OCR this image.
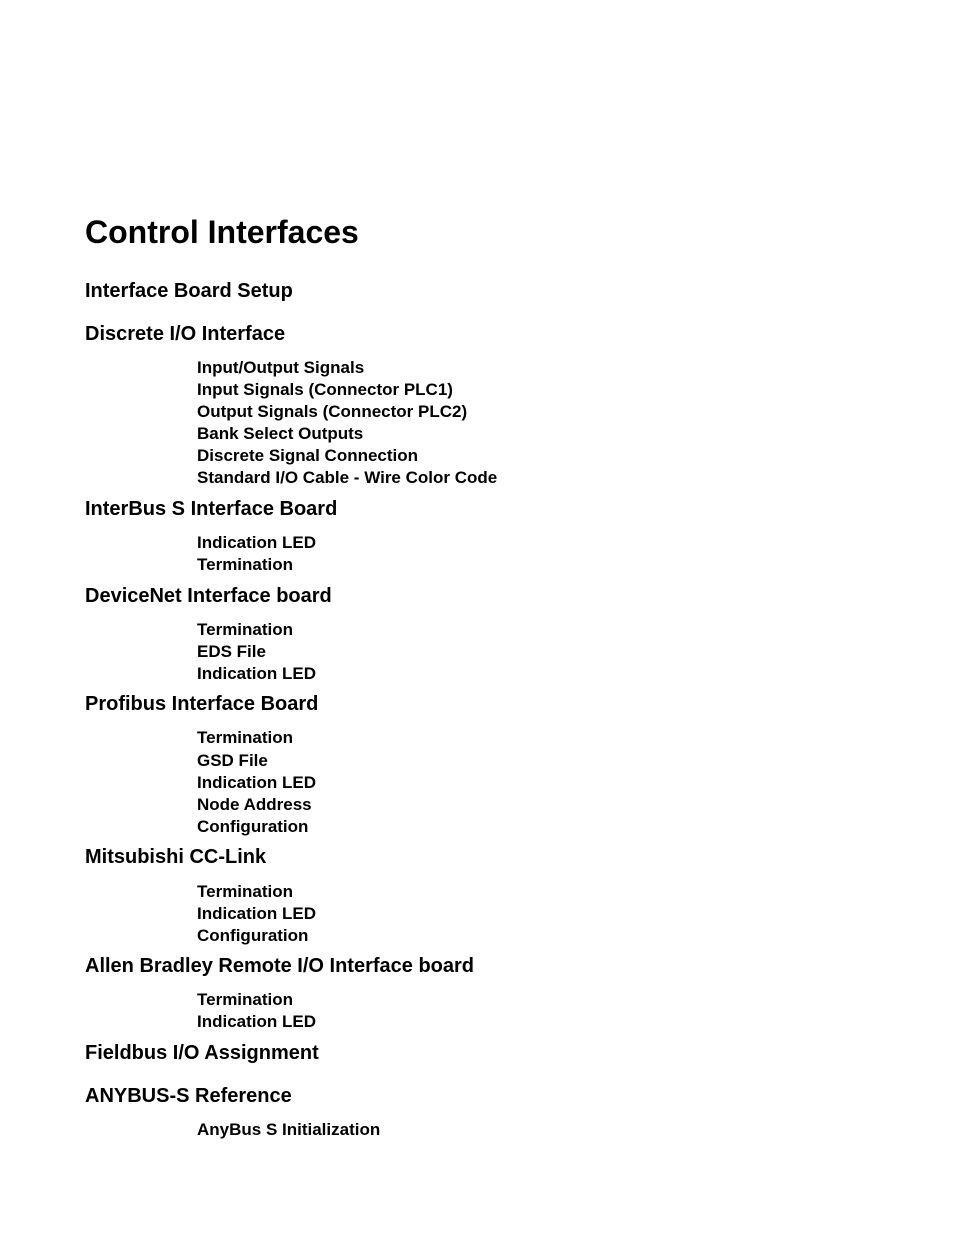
Control Interfaces
Interface Board Setup
Discrete I/O Interface
Input/Output Signals
Input Signals (Connector PLC1)
Output Signals (Connector PLC2)
Bank Select Outputs
Discrete Signal Connection
Standard I/O Cable - Wire Color Code
InterBus S Interface Board
Indication LED
Termination
DeviceNet Interface board
Termination
EDS File
Indication LED
Profibus Interface Board
Termination
GSD File
Indication LED
Node Address
Configuration
Mitsubishi CC-Link
Termination
Indication LED
Configuration
Allen Bradley Remote I/O Interface board
Termination
Indication LED
Fieldbus I/O Assignment
ANYBUS-S Reference
AnyBus S Initialization
